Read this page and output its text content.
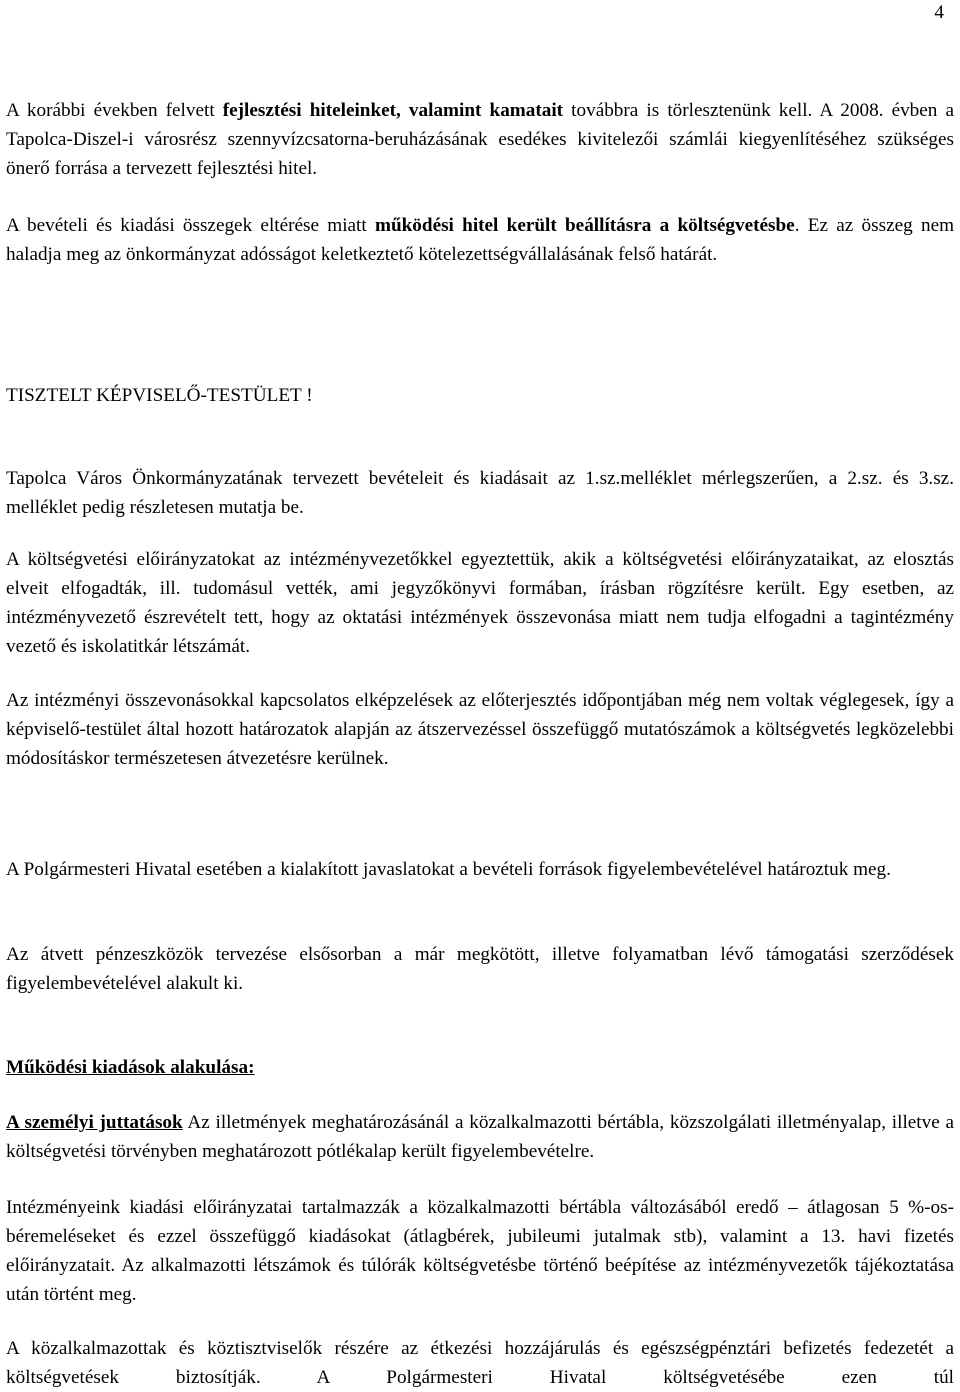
4

A korábbi években felvett fejlesztési hiteleinket, valamint kamatait továbbra is törlesztenünk kell. A 2008. évben a Tapolca-Diszel-i városrész szennyvízcsatorna-beruházásának esedékes kivitelezői számlái kiegyenlítéséhez szükséges önerő forrása a tervezett fejlesztési hitel.

A bevételi és kiadási összegek eltérése miatt működési hitel került beállításra a költségvetésbe. Ez az összeg nem haladja meg az önkormányzat adósságot keletkeztető kötelezettségvállalásának felső határát.

TISZTELT KÉPVISELŐ-TESTÜLET !

Tapolca Város Önkormányzatának tervezett bevételeit és kiadásait az 1.sz.melléklet mérlegszerűen, a 2.sz. és 3.sz. melléklet pedig részletesen mutatja be.

A költségvetési előirányzatokat az intézményvezetőkkel egyeztettük, akik a költségvetési előirányzataikat, az elosztás elveit elfogadták, ill. tudomásul vették, ami jegyzőkönyvi formában, írásban rögzítésre került. Egy esetben, az intézményvezető észrevételt tett, hogy az oktatási intézmények összevonása miatt nem tudja elfogadni a tagintézmény vezető és iskolatitkár létszámát.

Az intézményi összevonásokkal kapcsolatos elképzelések az előterjesztés időpontjában még nem voltak véglegesek, így a képviselő-testület által hozott határozatok alapján az átszervezéssel összefüggő mutatószámok a költségvetés legközelebbi módosításkor természetesen átvezetésre kerülnek.

A Polgármesteri Hivatal esetében a kialakított javaslatokat a bevételi források figyelembevételével határoztuk meg.

Az átvett pénzeszközök tervezése elsősorban a már megkötött, illetve folyamatban lévő támogatási szerződések figyelembevételével alakult ki.

Működési kiadások alakulása:

A személyi juttatások Az illetmények meghatározásánál a közalkalmazotti bértábla, közszolgálati illetményalap, illetve a költségvetési törvényben meghatározott pótlékalap került figyelembevételre.

Intézményeink kiadási előirányzatai tartalmazzák a közalkalmazotti bértábla változásából eredő – átlagosan 5 %-os- béremeléseket és ezzel összefüggő kiadásokat (átlagbérek, jubileumi jutalmak stb), valamint a 13. havi fizetés előirányzatait. Az alkalmazotti létszámok és túlórák költségvetésbe történő beépítése az intézményvezetők tájékoztatása után történt meg.

A közalkalmazottak és köztisztviselők részére az étkezési hozzájárulás és egészségpénztári befizetés fedezetét a költségvetések biztosítják. A Polgármesteri Hivatal költségvetésébe ezen túl
